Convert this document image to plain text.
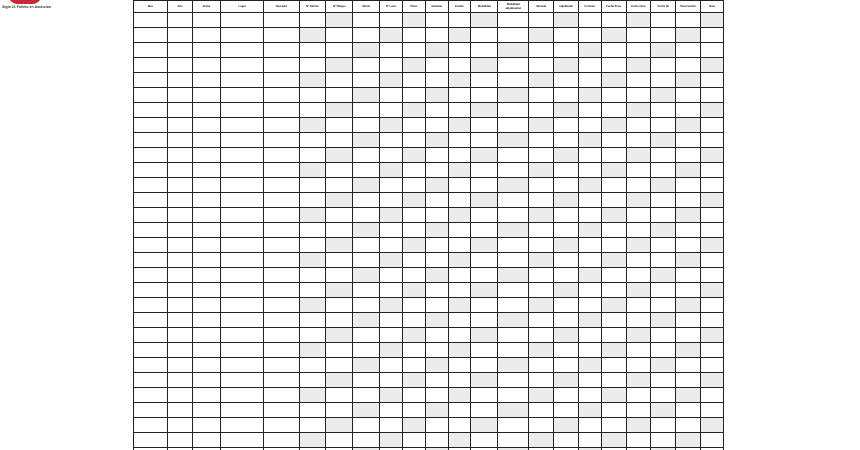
Siglo 21 Folleto en Asunción	Mes	Año	Fecha	Lugar	Operador	Nº Ofertas	Nº Pliegos	Monto	Nº Lotes	Plazo	Garantía	Estado	Modalidad	Modalidad adjudicación	Moneda	Adjudicado	Contrato	Fecha firma	Fecha inicio	Fecha fin	Observación	Nota
